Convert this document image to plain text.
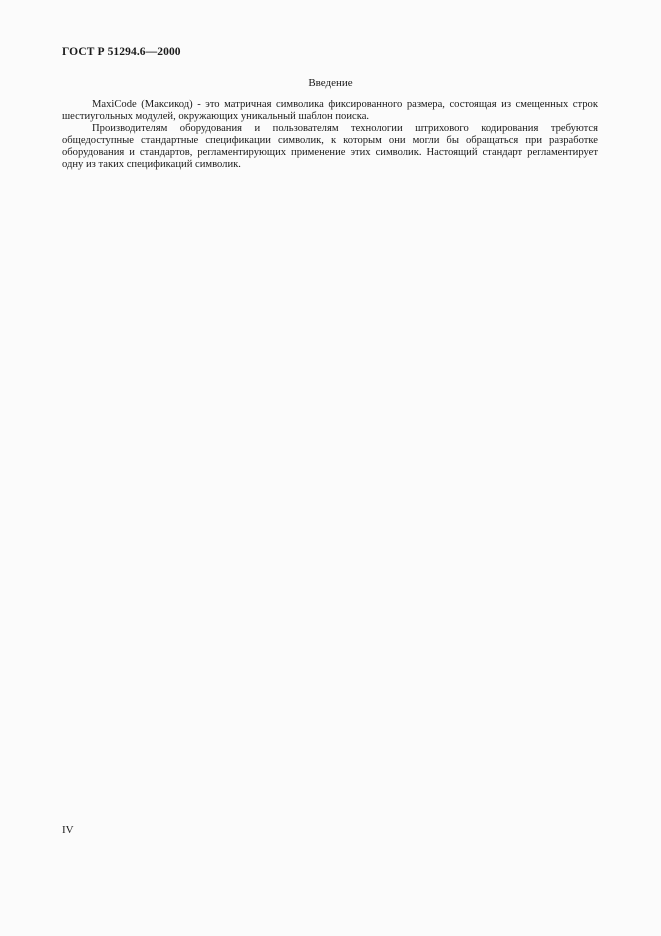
ГОСТ Р 51294.6—2000
Введение

MaxiCode (Максикод) - это матричная символика фиксированного размера, состоящая из смещенных строк шестиугольных модулей, окружающих уникальный шаблон поиска.

Производителям оборудования и пользователям технологии штрихового кодирования требуются общедоступные стандартные спецификации символик, к которым они могли бы обращаться при разработке оборудования и стандартов, регламентирующих применение этих символик. Настоящий стандарт регламентирует одну из таких спецификаций символик.

IV
